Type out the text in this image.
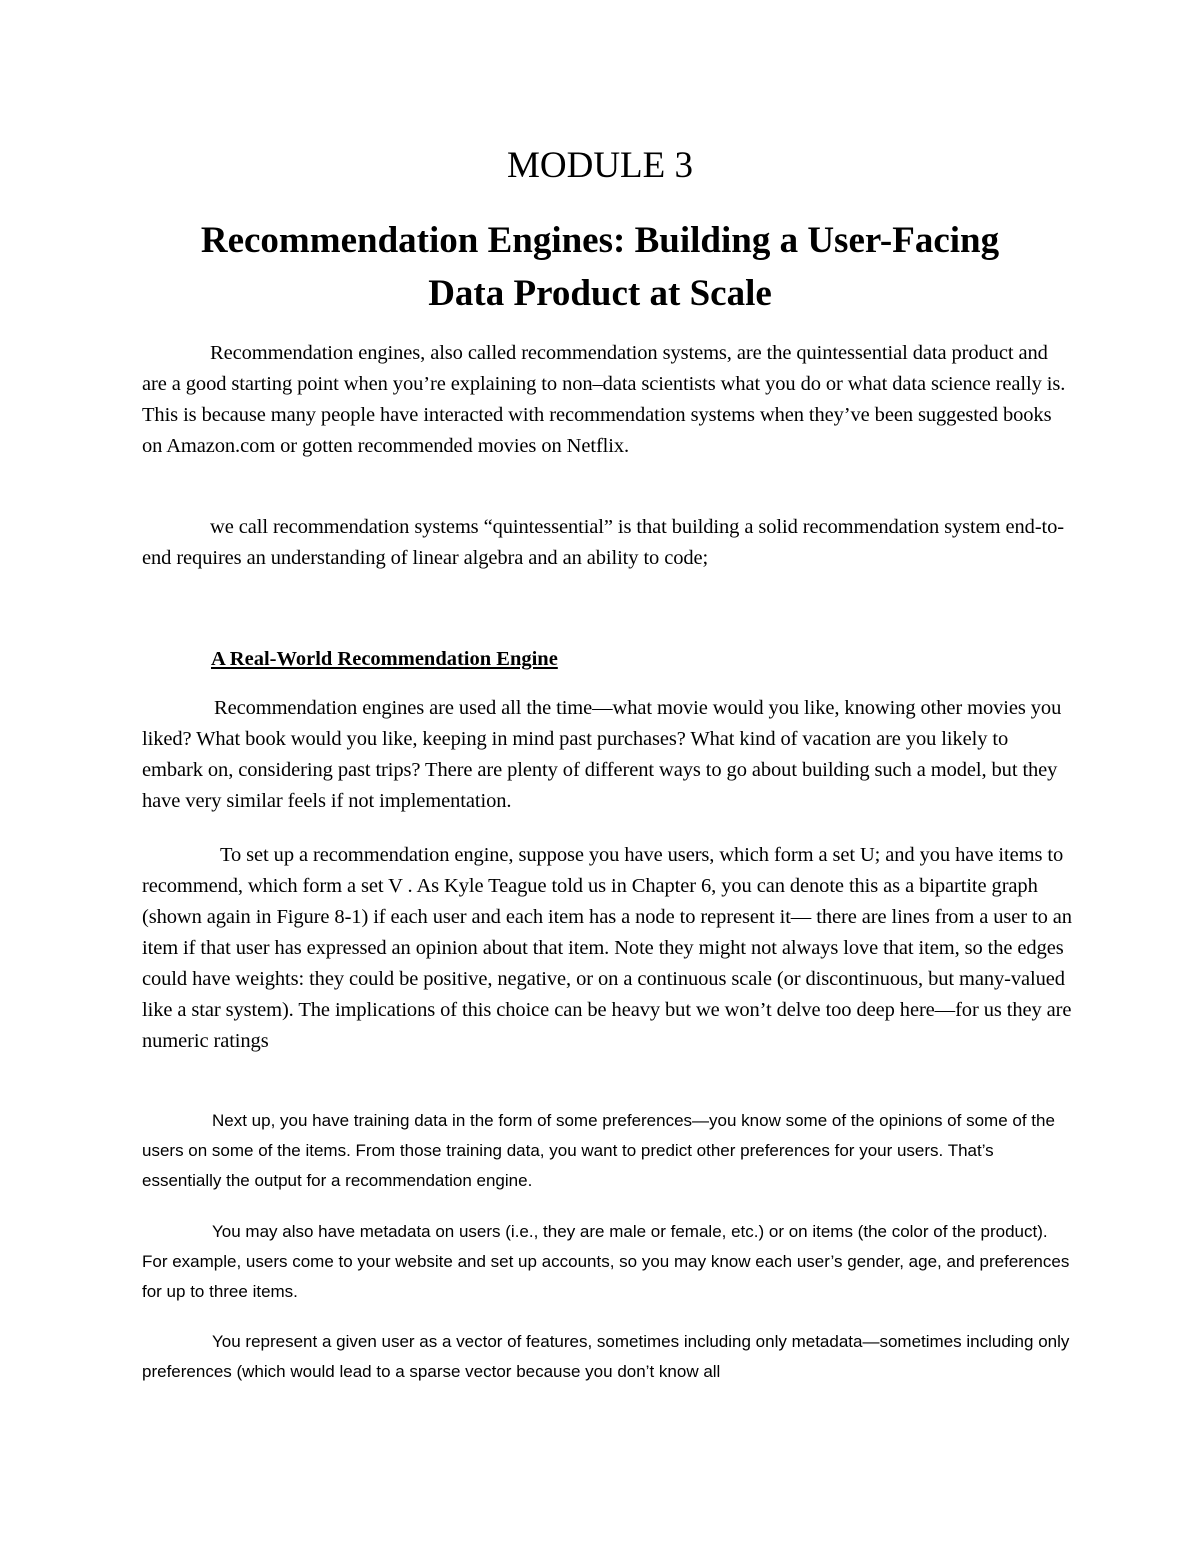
MODULE 3
Recommendation Engines: Building a User-Facing
Data Product at Scale

Recommendation engines, also called recommendation systems, are the quintessential data product and are a good starting point when you’re explaining to non–data scientists what you do or what data science really is. This is because many people have interacted with recommendation systems when they’ve been suggested books on Amazon.com or gotten recommended movies on Netflix.

we call recommendation systems “quintessential” is that building a solid recommendation system end-to-end requires an understanding of linear algebra and an ability to code;

A Real-World Recommendation Engine

Recommendation engines are used all the time—what movie would you like, knowing other movies you liked? What book would you like, keeping in mind past purchases? What kind of vacation are you likely to embark on, considering past trips? There are plenty of different ways to go about building such a model, but they have very similar feels if not implementation.

To set up a recommendation engine, suppose you have users, which form a set U; and you have items to recommend, which form a set V . As Kyle Teague told us in Chapter 6, you can denote this as a bipartite graph (shown again in Figure 8-1) if each user and each item has a node to represent it— there are lines from a user to an item if that user has expressed an opinion about that item. Note they might not always love that item, so the edges could have weights: they could be positive, negative, or on a continuous scale (or discontinuous, but many-valued like a star system). The implications of this choice can be heavy but we won’t delve too deep here—for us they are numeric ratings

Next up, you have training data in the form of some preferences—you know some of the opinions of some of the users on some of the items. From those training data, you want to predict other preferences for your users. That’s essentially the output for a recommendation engine.

You may also have metadata on users (i.e., they are male or female, etc.) or on items (the color of the product). For example, users come to your website and set up accounts, so you may know each user’s gender, age, and preferences for up to three items.

You represent a given user as a vector of features, sometimes including only metadata—sometimes including only preferences (which would lead to a sparse vector because you don’t know all
